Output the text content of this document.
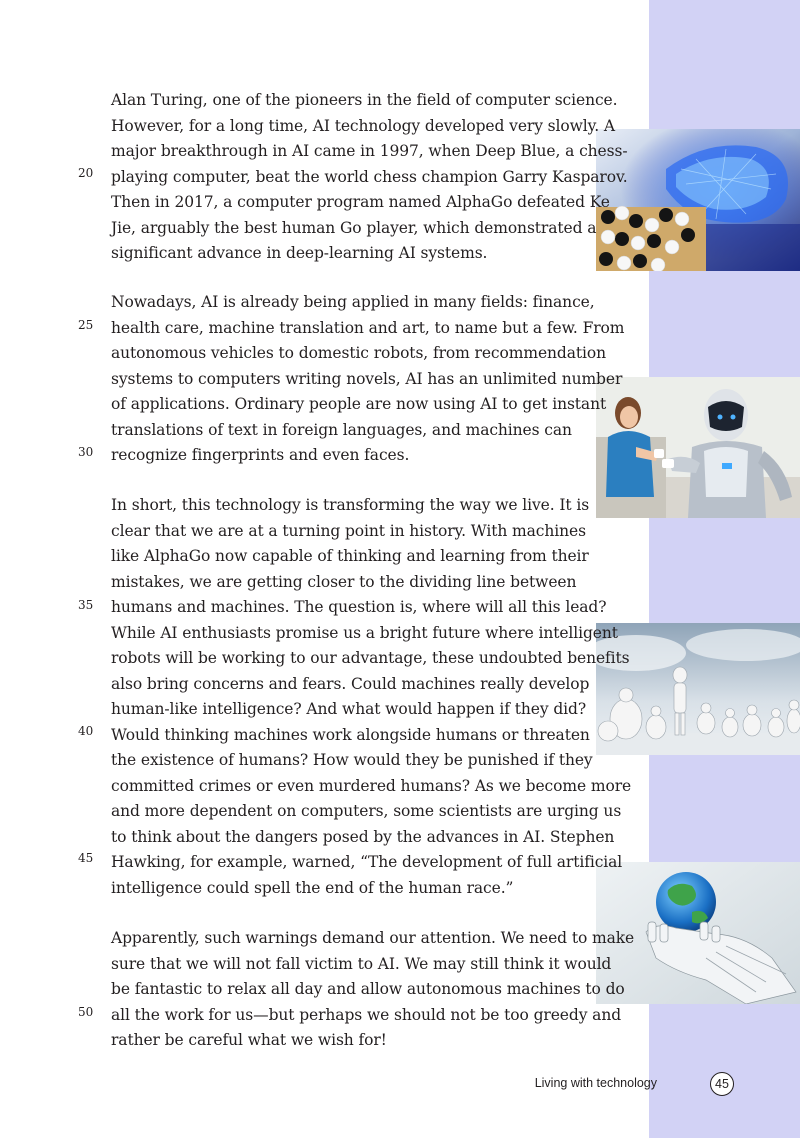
Alan Turing, one of the pioneers in the field of computer science.
However, for a long time, AI technology developed very slowly. A
major breakthrough in AI came in 1997, when Deep Blue, a chess-
playing computer, beat the world chess champion Garry Kasparov.
Then in 2017, a computer program named AlphaGo defeated Ke
Jie, arguably the best human Go player, which demonstrated a
significant advance in deep-learning AI systems.
Nowadays, AI is already being applied in many fields: finance,
health care, machine translation and art, to name but a few. From
autonomous vehicles to domestic robots, from recommendation
systems to computers writing novels, AI has an unlimited number
of applications. Ordinary people are now using AI to get instant
translations of text in foreign languages, and machines can
recognize fingerprints and even faces.
In short, this technology is transforming the way we live. It is
clear that we are at a turning point in history. With machines
like AlphaGo now capable of thinking and learning from their
mistakes, we are getting closer to the dividing line between
humans and machines. The question is, where will all this lead?
While AI enthusiasts promise us a bright future where intelligent
robots will be working to our advantage, these undoubted benefits
also bring concerns and fears. Could machines really develop
human-like intelligence? And what would happen if they did?
Would thinking machines work alongside humans or threaten
the existence of humans? How would they be punished if they
committed crimes or even murdered humans? As we become more
and more dependent on computers, some scientists are urging us
to think about the dangers posed by the advances in AI. Stephen
Hawking, for example, warned, “The development of full artificial
intelligence could spell the end of the human race.”
Apparently, such warnings demand our attention. We need to make
sure that we will not fall victim to AI. We may still think it would
be fantastic to relax all day and allow autonomous machines to do
all the work for us—but perhaps we should not be too greedy and
rather be careful what we wish for!
20
25
30
35
40
45
50
Living with technology	45
